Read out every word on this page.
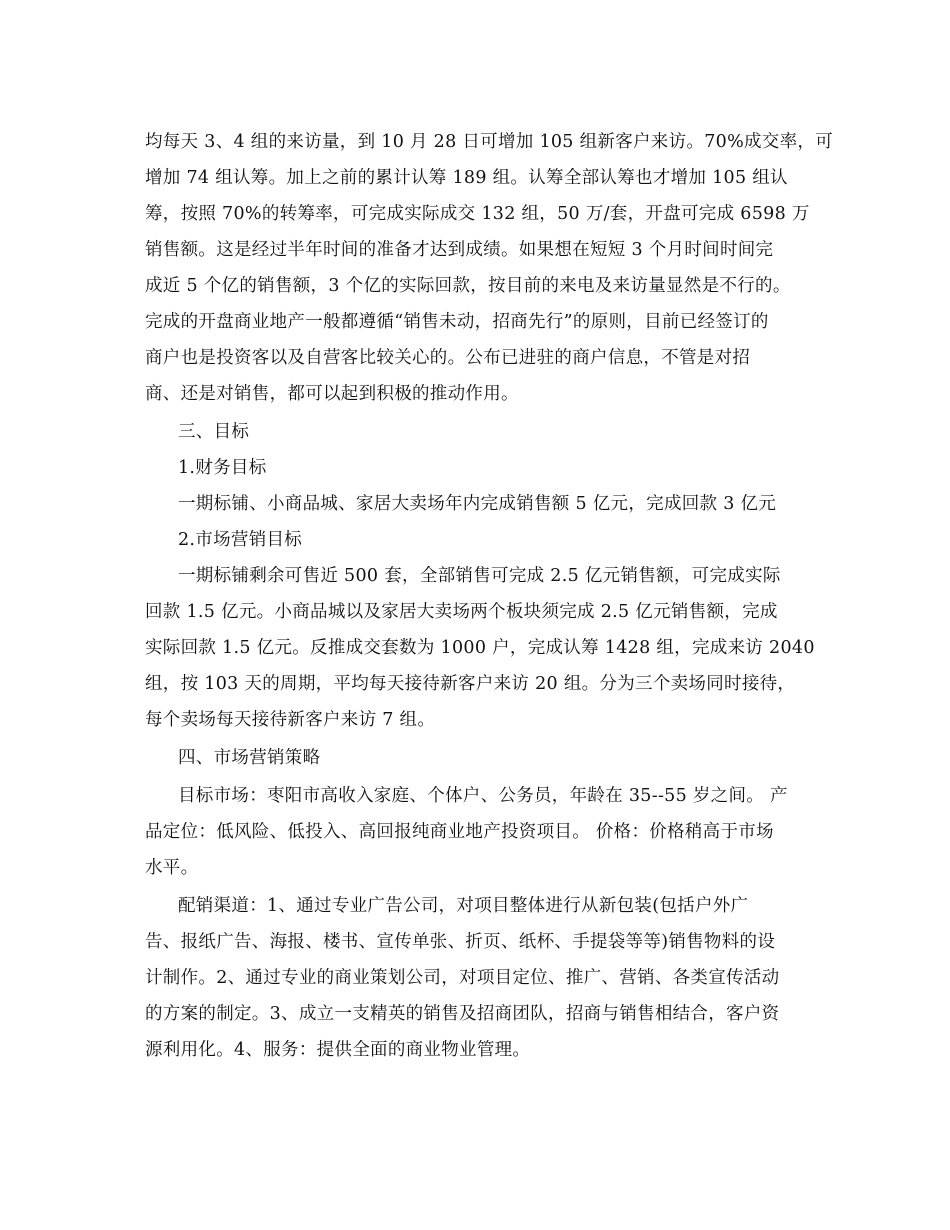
均每天 3、4 组的来访量，到 10 月 28 日可增加 105 组新客户来访。70%成交率，可
增加 74 组认筹。加上之前的累计认筹 189 组。认筹全部认筹也才增加 105 组认
筹，按照 70%的转筹率，可完成实际成交 132 组，50 万/套，开盘可完成 6598 万
销售额。这是经过半年时间的准备才达到成绩。如果想在短短 3 个月时间时间完
成近 5 个亿的销售额，3 个亿的实际回款，按目前的来电及来访量显然是不行的。
完成的开盘商业地产一般都遵循“销售未动，招商先行”的原则，目前已经签订的
商户也是投资客以及自营客比较关心的。公布已进驻的商户信息，不管是对招
商、还是对销售，都可以起到积极的推动作用。
三、目标
1.财务目标
一期标铺、小商品城、家居大卖场年内完成销售额 5 亿元，完成回款 3 亿元
2.市场营销目标
一期标铺剩余可售近 500 套，全部销售可完成 2.5 亿元销售额，可完成实际
回款 1.5 亿元。小商品城以及家居大卖场两个板块须完成 2.5 亿元销售额，完成
实际回款 1.5 亿元。反推成交套数为 1000 户，完成认筹 1428 组，完成来访 2040
组，按 103 天的周期，平均每天接待新客户来访 20 组。分为三个卖场同时接待，
每个卖场每天接待新客户来访 7 组。
四、市场营销策略
目标市场：枣阳市高收入家庭、个体户、公务员，年龄在 35--55 岁之间。 产
品定位：低风险、低投入、高回报纯商业地产投资项目。 价格：价格稍高于市场
水平。
配销渠道：1、通过专业广告公司，对项目整体进行从新包装(包括户外广
告、报纸广告、海报、楼书、宣传单张、折页、纸杯、手提袋等等)销售物料的设
计制作。2、通过专业的商业策划公司，对项目定位、推广、营销、各类宣传活动
的方案的制定。3、成立一支精英的销售及招商团队，招商与销售相结合，客户资
源利用化。4、服务：提供全面的商业物业管理。
